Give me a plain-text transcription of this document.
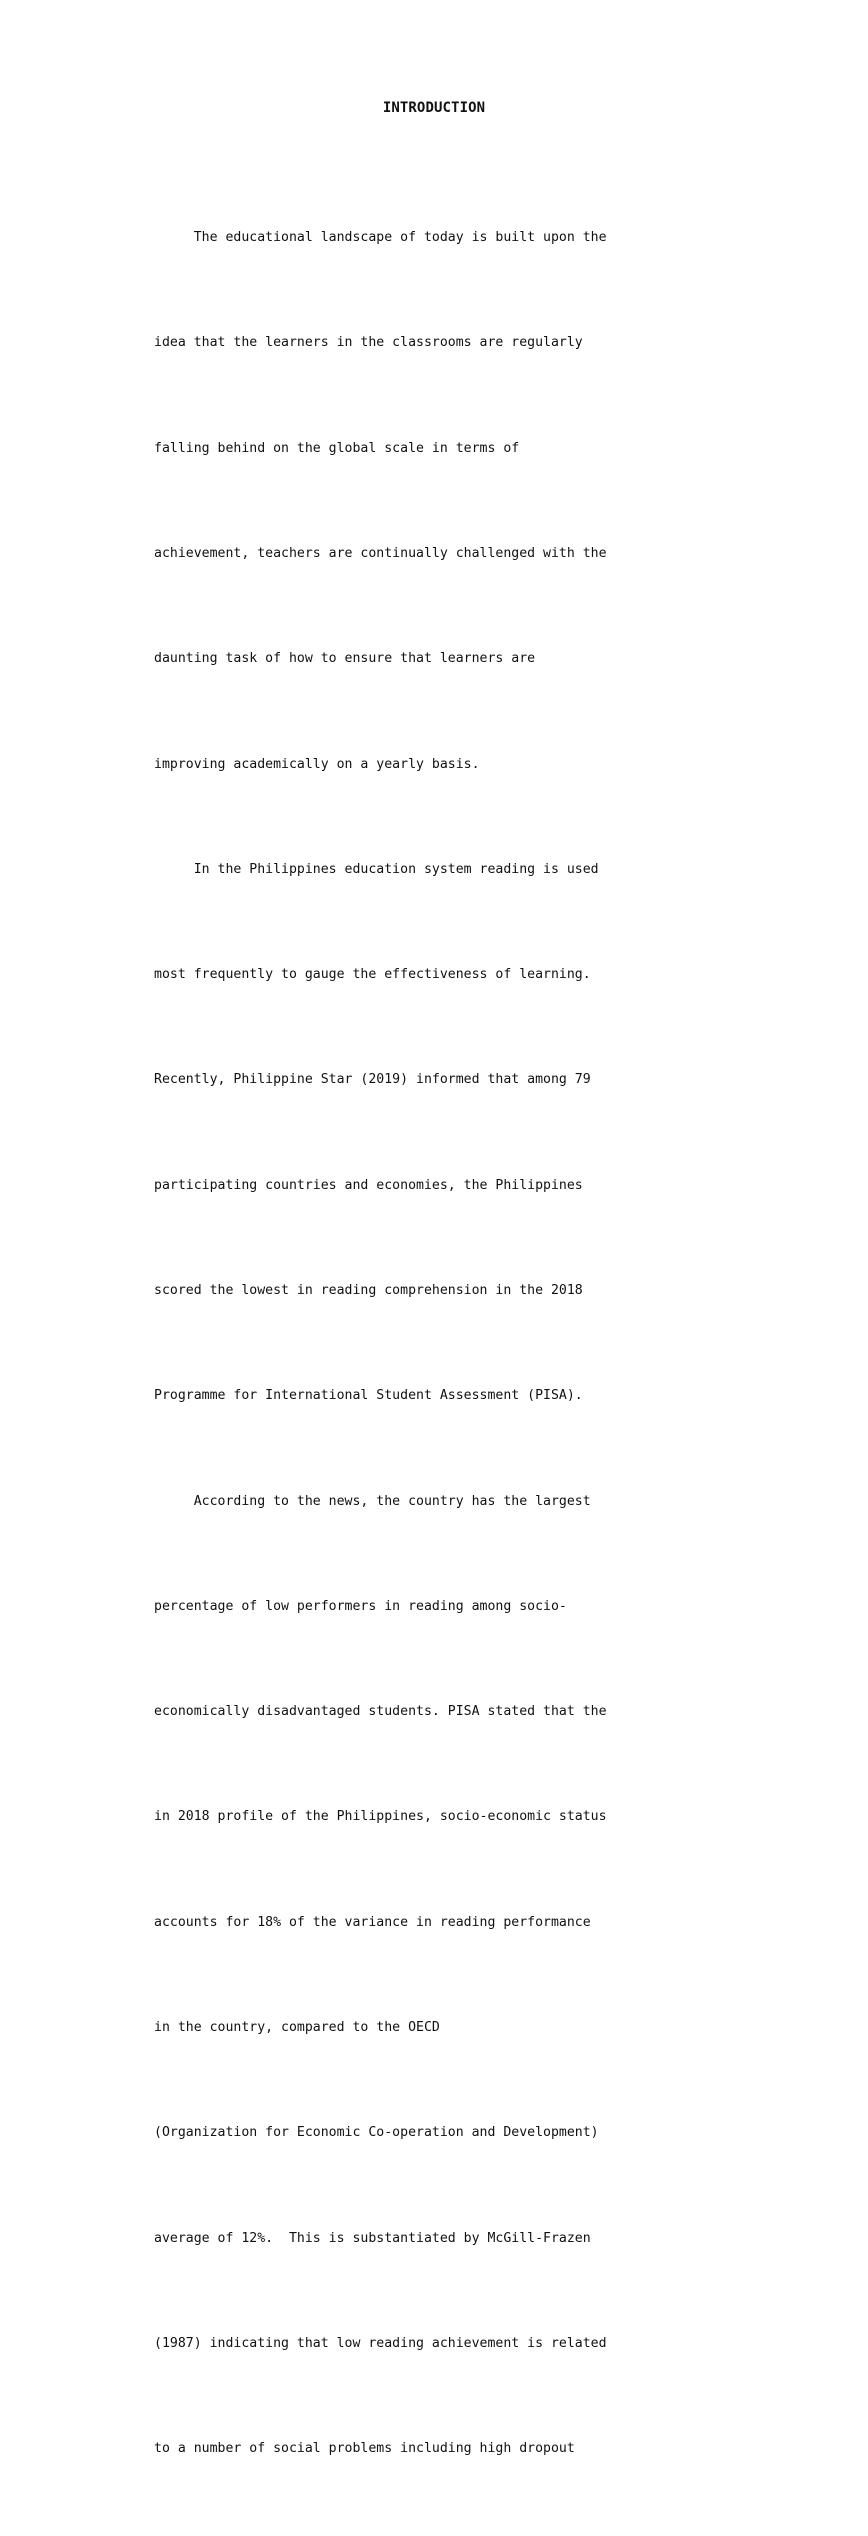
INTRODUCTION

The educational landscape of today is built upon the

idea that the learners in the classrooms are regularly

falling behind on the global scale in terms of

achievement, teachers are continually challenged with the

daunting task of how to ensure that learners are

improving academically on a yearly basis.

In the Philippines education system reading is used

most frequently to gauge the effectiveness of learning.

Recently, Philippine Star (2019) informed that among 79

participating countries and economies, the Philippines

scored the lowest in reading comprehension in the 2018

Programme for International Student Assessment (PISA).

According to the news, the country has the largest

percentage of low performers in reading among socio-

economically disadvantaged students. PISA stated that the

in 2018 profile of the Philippines, socio-economic status

accounts for 18% of the variance in reading performance

in the country, compared to the OECD

(Organization for Economic Co-operation and Development)

average of 12%.  This is substantiated by McGill-Frazen

(1987) indicating that low reading achievement is related

to a number of social problems including high dropout
